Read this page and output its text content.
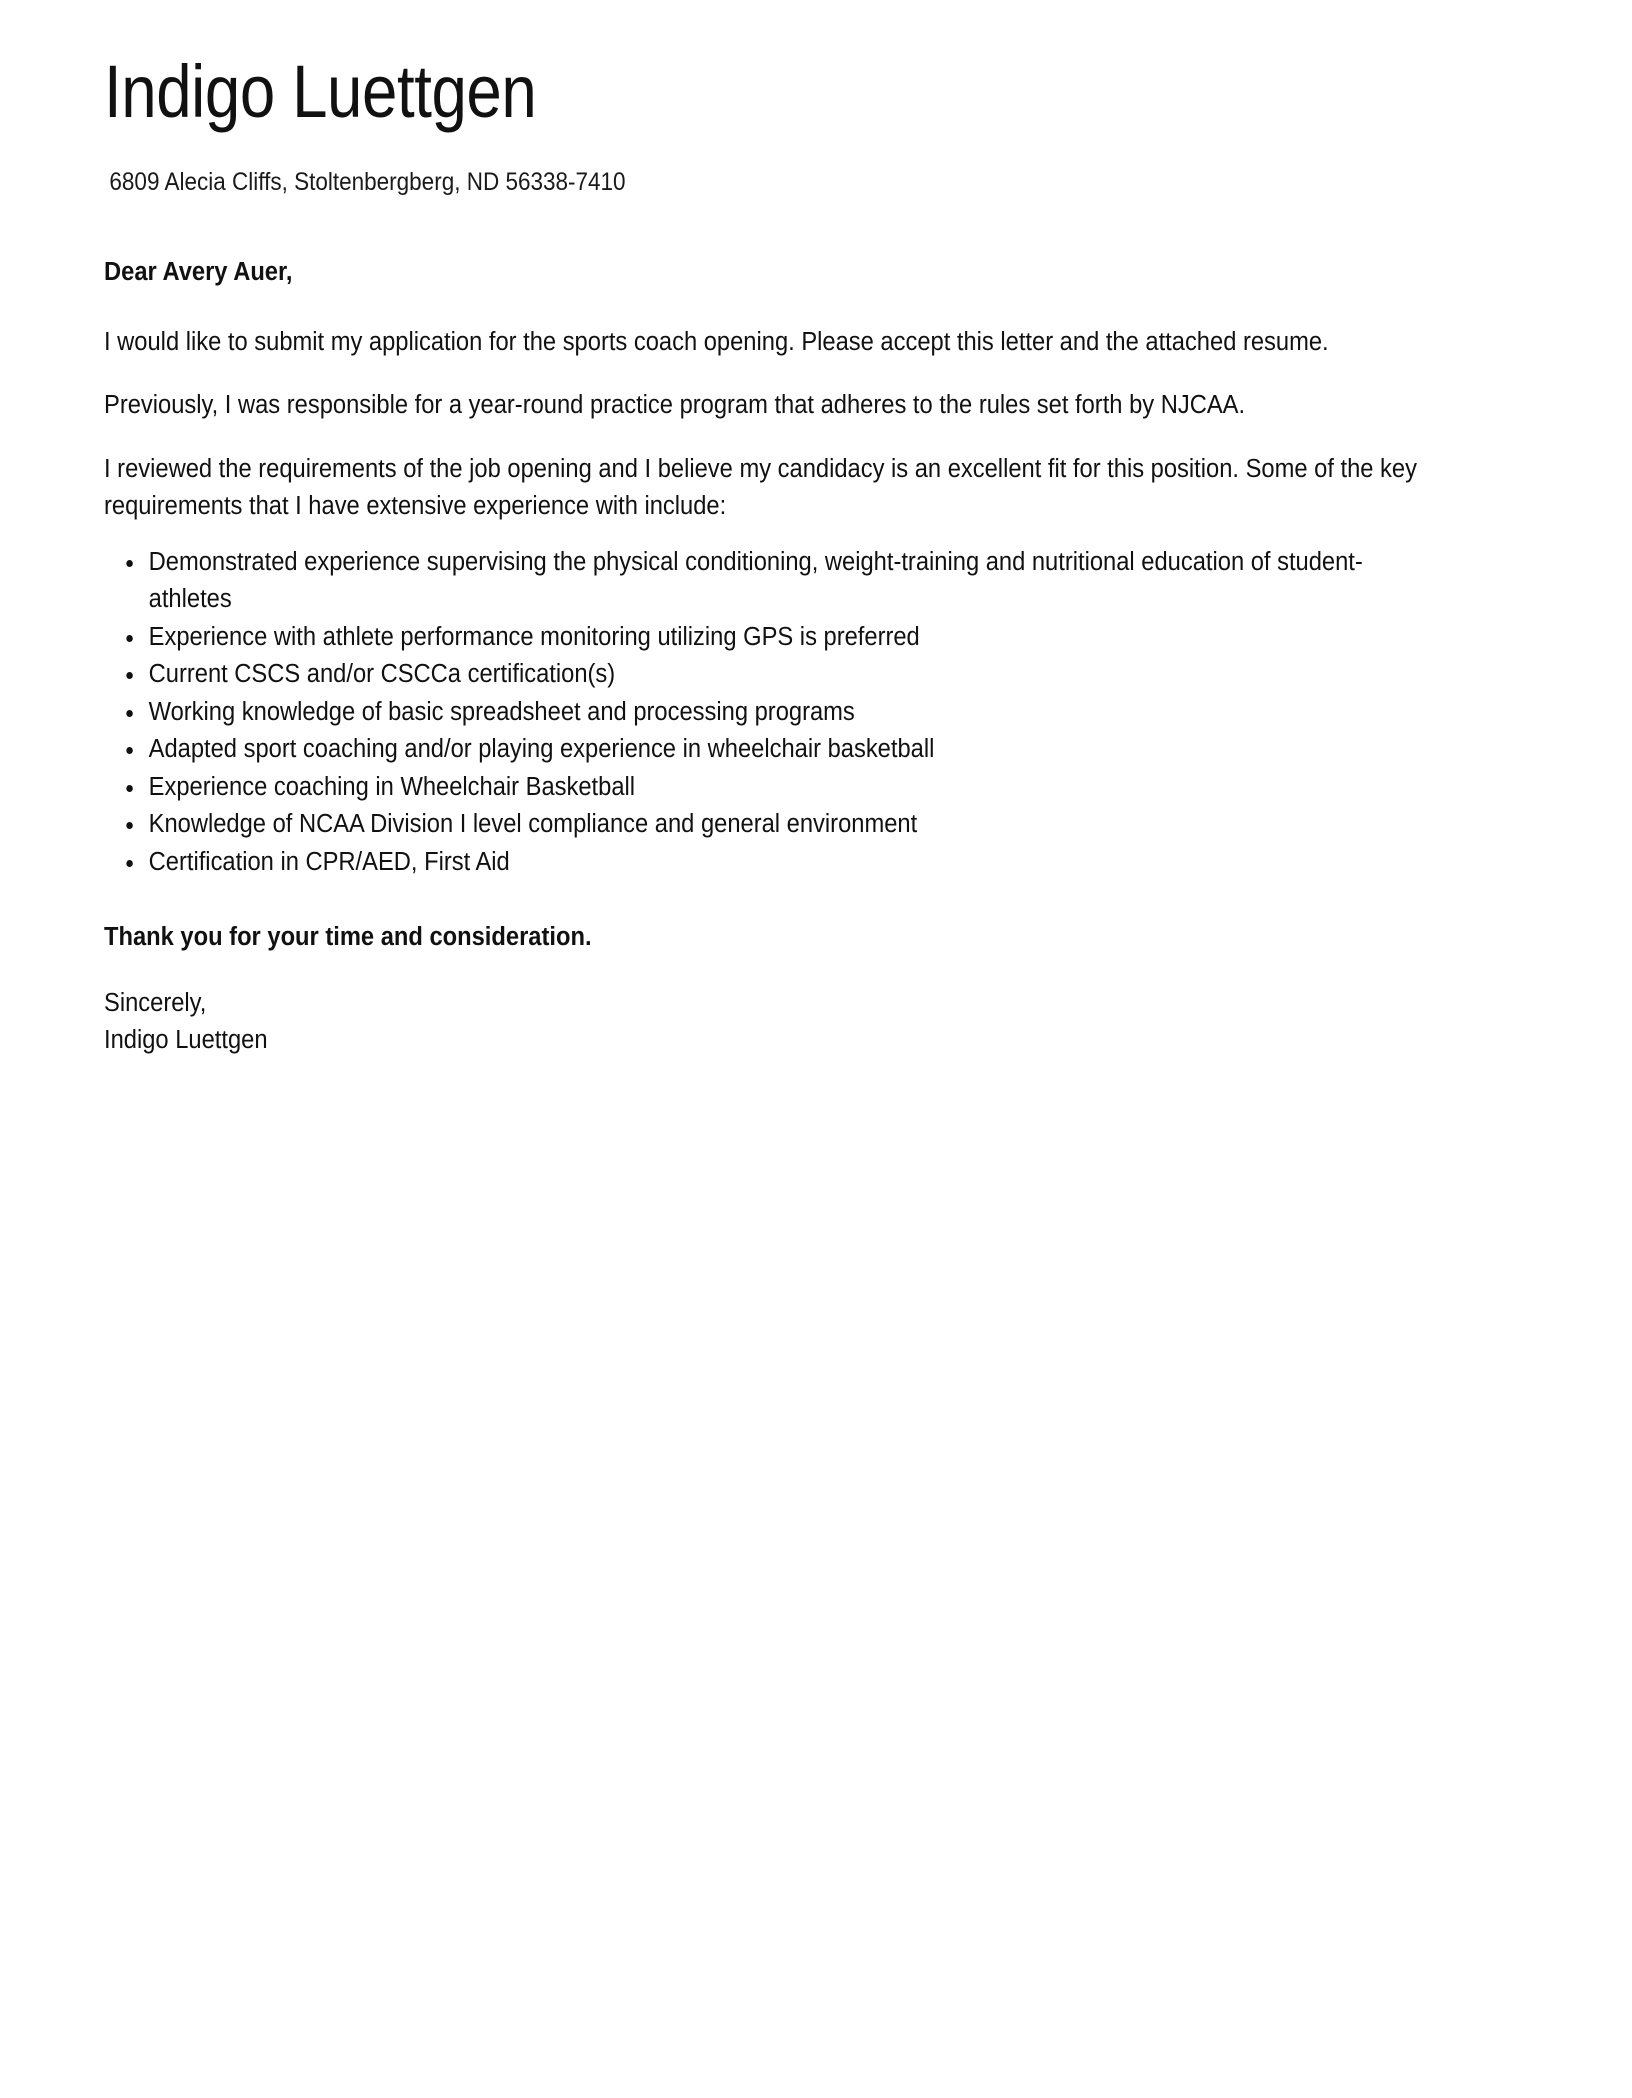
Indigo Luettgen

6809 Alecia Cliffs, Stoltenbergberg, ND 56338-7410

Dear Avery Auer,

I would like to submit my application for the sports coach opening. Please accept this letter and the attached resume.

Previously, I was responsible for a year-round practice program that adheres to the rules set forth by NJCAA.

I reviewed the requirements of the job opening and I believe my candidacy is an excellent fit for this position. Some of the key requirements that I have extensive experience with include:

Demonstrated experience supervising the physical conditioning, weight-training and nutritional education of student-athletes
Experience with athlete performance monitoring utilizing GPS is preferred
Current CSCS and/or CSCCa certification(s)
Working knowledge of basic spreadsheet and processing programs
Adapted sport coaching and/or playing experience in wheelchair basketball
Experience coaching in Wheelchair Basketball
Knowledge of NCAA Division I level compliance and general environment
Certification in CPR/AED, First Aid

Thank you for your time and consideration.

Sincerely,
Indigo Luettgen
